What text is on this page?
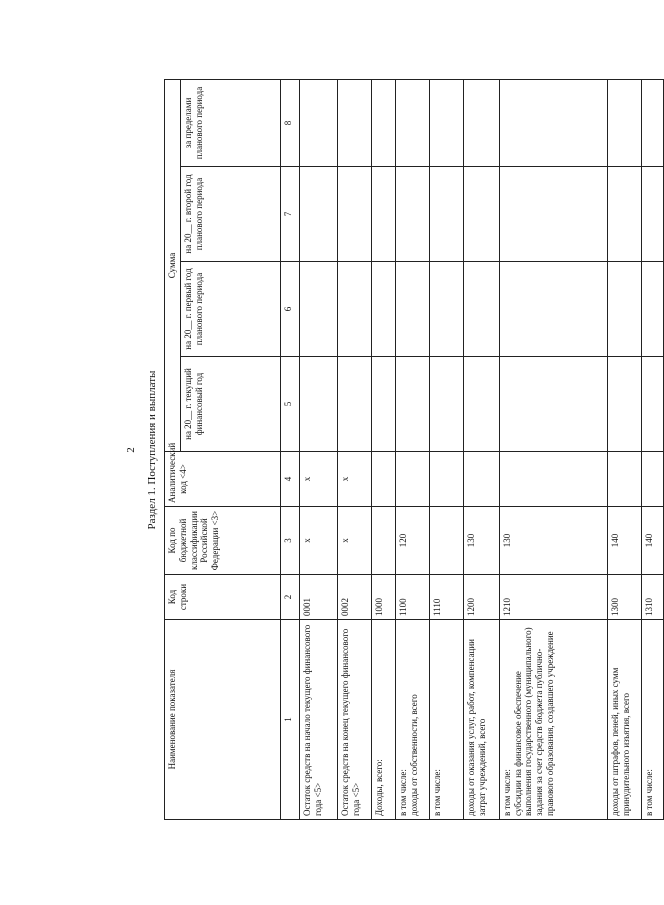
2 Раздел 1. Поступления и выплаты
Наименование показателя	Код строки	Код по бюджетной классификации Российской Федерации <3>	Аналитический код <4>	Сумма			
				на 20__ г. текущий финансовый год	на 20__ г. первый год планового периода	на 20__ г. второй год планового периода	за пределами планового периода
1	2	3	4	5	6	7	8
Остаток средств на начало текущего финансового года <5>	0001	x	x				
Остаток средств на конец текущего финансового года <5>	0002	x	x				
Доходы, всего:	1000						
в том числе:
доходы от собственности, всего	1100	120					
в том числе:	1110						
доходы от оказания услуг, работ, компенсации затрат учреждений, всего	1200	130					
в том числе:
субсидии на финансовое обеспечение выполнения государственного (муниципального) задания за счет средств бюджета публично-правового образования, создавшего учреждение	1210	130					
доходы от штрафов, пеней, иных сумм принудительного изъятия, всего	1300	140					
в том числе:	1310	140					
